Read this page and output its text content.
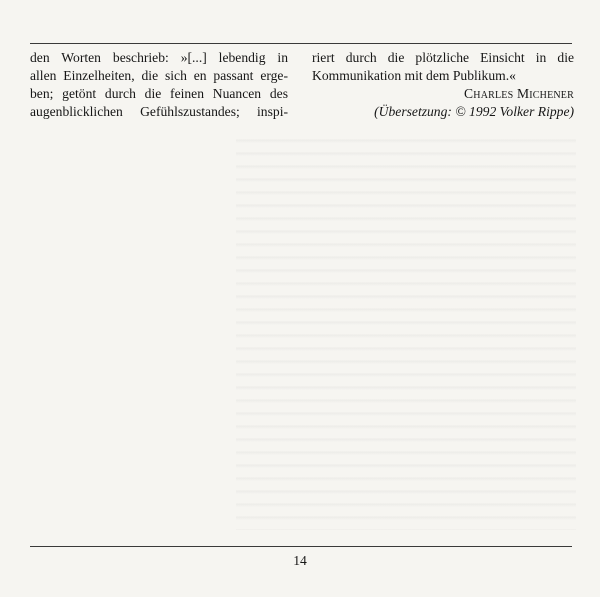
den Worten beschrieb: »[...] lebendig in
allen Einzelheiten, die sich en passant erge-
ben; getönt durch die feinen Nuancen des
augenblicklichen Gefühlszustandes; inspi-
riert durch die plötzliche Einsicht in die
Kommunikation mit dem Publikum.«
Charles Michener
(Übersetzung: © 1992 Volker Rippe)
14
